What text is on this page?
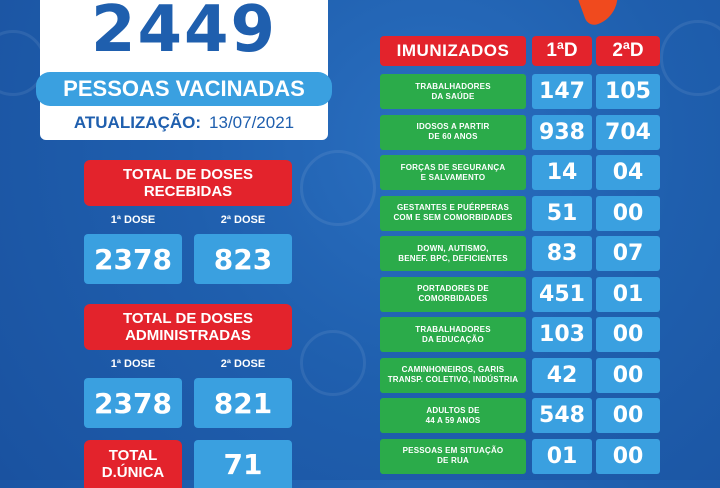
2449
PESSOAS VACINADAS
ATUALIZAÇÃO: 13/07/2021
TOTAL DE DOSES
RECEBIDAS
1ª DOSE	2ª DOSE
2378	823
TOTAL DE DOSES
ADMINISTRADAS
1ª DOSE	2ª DOSE
2378	821
TOTAL
D.ÚNICA	71
IMUNIZADOS	1ªD	2ªD
TRABALHADORES
DA SAÚDE	147 105
IDOSOS A PARTIR
DE 60 ANOS	938 704
FORÇAS DE SEGURANÇA
E SALVAMENTO	14	04
GESTANTES E PUÉRPERAS
COM E SEM COMORBIDADES	51	00
DOWN, AUTISMO,
BENEF. BPC, DEFICIENTES	83	07
PORTADORES DE
COMORBIDADES	451	01
TRABALHADORES
DA EDUCAÇÃO	103	00
CAMINHONEIROS, GARIS
TRANSP. COLETIVO, INDÚSTRIA	42	00
ADULTOS DE
44 A 59 ANOS	548	00
PESSOAS EM SITUAÇÃO
DE RUA	01	00
